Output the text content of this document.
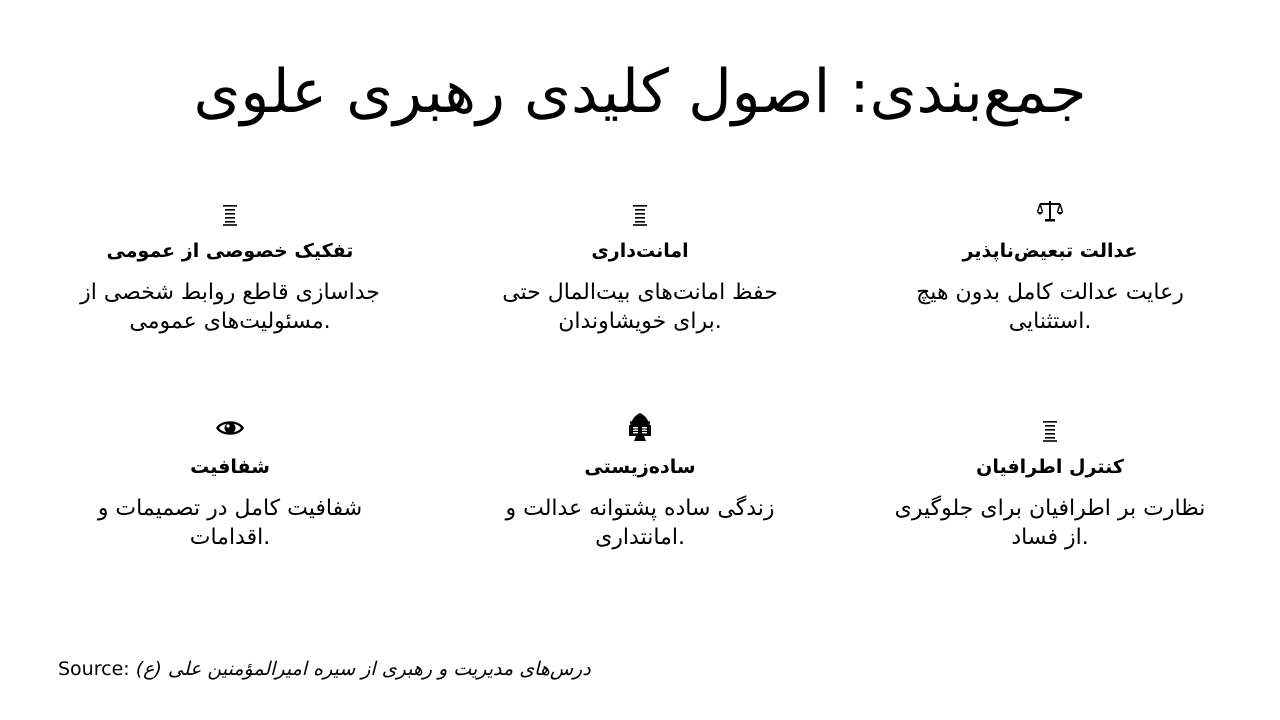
جمع‌بندی: اصول کلیدی رهبری علوی
عدالت تبعیض‌ناپذیر
رعایت عدالت کامل بدون هیچ استثنایی.
امانت‌داری
حفظ امانت‌های بیت‌المال حتی برای خویشاوندان.
تفکیک خصوصی از عمومی
جداسازی قاطع روابط شخصی از مسئولیت‌های عمومی.
کنترل اطرافیان
نظارت بر اطرافیان برای جلوگیری از فساد.
ساده‌زیستی
زندگی ساده پشتوانه عدالت و امانتداری.
شفافیت
شفافیت کامل در تصمیمات و اقدامات.
Source: (درس‌های مدیریت و رهبری از سیره امیرالمؤمنین علی (ع
